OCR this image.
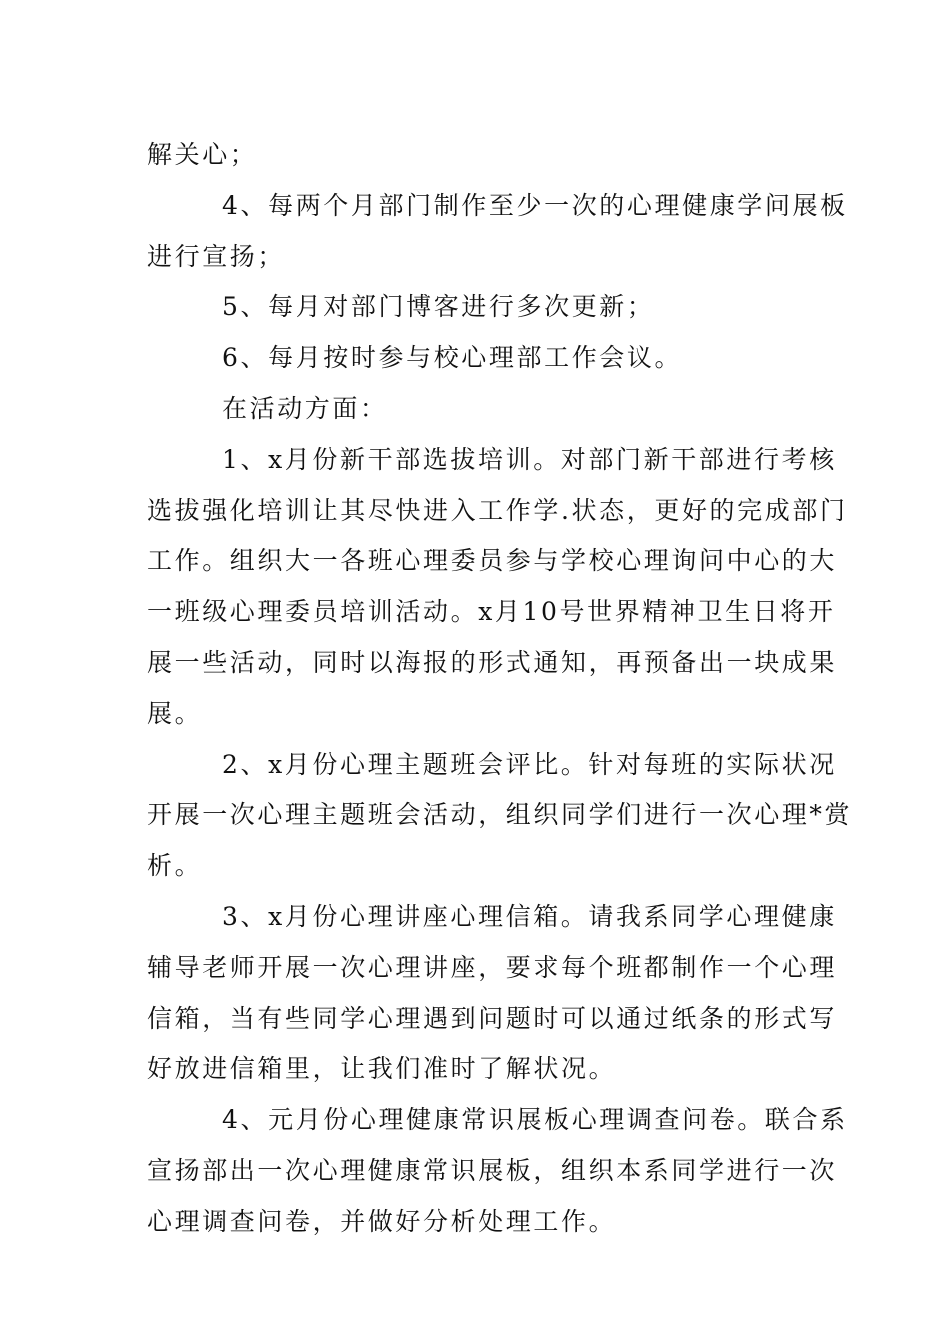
解关心；
4、每两个月部门制作至少一次的心理健康学问展板
进行宣扬；
5、每月对部门博客进行多次更新；
6、每月按时参与校心理部工作会议。
在活动方面：
1、x月份新干部选拔培训。对部门新干部进行考核
选拔强化培训让其尽快进入工作学.状态，更好的完成部门
工作。组织大一各班心理委员参与学校心理询问中心的大
一班级心理委员培训活动。x月10号世界精神卫生日将开
展一些活动，同时以海报的形式通知，再预备出一块成果
展。
2、x月份心理主题班会评比。针对每班的实际状况
开展一次心理主题班会活动，组织同学们进行一次心理*赏
析。
3、x月份心理讲座心理信箱。请我系同学心理健康
辅导老师开展一次心理讲座，要求每个班都制作一个心理
信箱，当有些同学心理遇到问题时可以通过纸条的形式写
好放进信箱里，让我们准时了解状况。
4、元月份心理健康常识展板心理调查问卷。联合系
宣扬部出一次心理健康常识展板，组织本系同学进行一次
心理调查问卷，并做好分析处理工作。
